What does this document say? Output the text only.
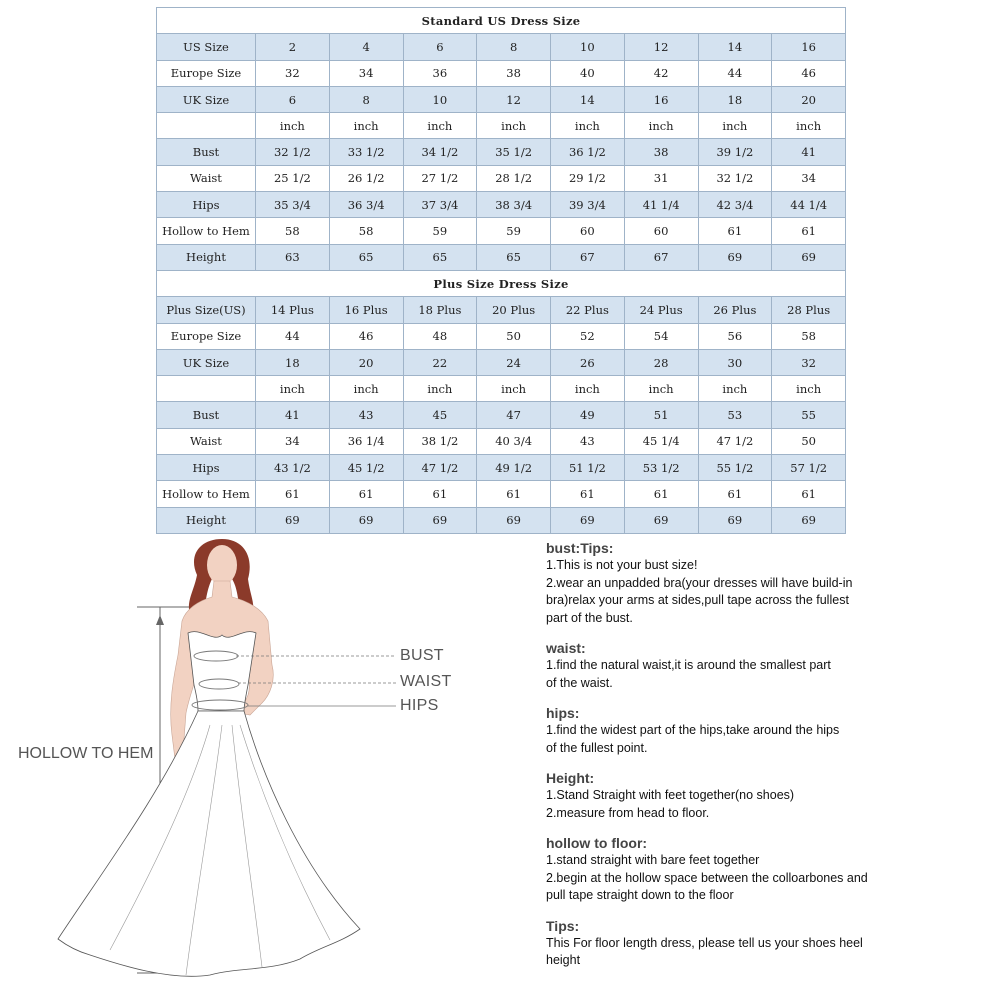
Standard US Dress Size								
US Size	2	4	6	8	10	12	14	16
Europe Size	32	34	36	38	40	42	44	46
UK Size	6	8	10	12	14	16	18	20
	inch	inch	inch	inch	inch	inch	inch	inch
Bust	32 1/2	33 1/2	34 1/2	35 1/2	36 1/2	38	39 1/2	41
Waist	25 1/2	26 1/2	27 1/2	28 1/2	29 1/2	31	32 1/2	34
Hips	35 3/4	36 3/4	37 3/4	38 3/4	39 3/4	41 1/4	42 3/4	44 1/4
Hollow to Hem	58	58	59	59	60	60	61	61
Height	63	65	65	65	67	67	69	69
Plus Size Dress Size								
Plus Size(US)	14 Plus	16 Plus	18 Plus	20 Plus	22 Plus	24 Plus	26 Plus	28 Plus
Europe Size	44	46	48	50	52	54	56	58
UK Size	18	20	22	24	26	28	30	32
	inch	inch	inch	inch	inch	inch	inch	inch
Bust	41	43	45	47	49	51	53	55
Waist	34	36 1/4	38 1/2	40 3/4	43	45 1/4	47 1/2	50
Hips	43 1/2	45 1/2	47 1/2	49 1/2	51 1/2	53 1/2	55 1/2	57 1/2
Hollow to Hem	61	61	61	61	61	61	61	61
Height	69	69	69	69	69	69	69	69
BUST
WAIST
HIPS
HOLLOW TO HEM
bust:Tips:
1.This is not your bust size!
2.wear an unpadded bra(your dresses will have build-in
bra)relax your arms at sides,pull tape across the fullest
part of the bust.
waist:
1.find the natural waist,it is around the smallest part
of the waist.
hips:
1.find the widest part of the hips,take around the hips
of the fullest point.
Height:
1.Stand Straight with feet together(no shoes)
2.measure from head to floor.
hollow to floor:
1.stand straight with bare feet together
2.begin at the hollow space between the colloarbones and
pull tape straight down to the floor
Tips:
This For floor length dress, please tell us your shoes heel
height
